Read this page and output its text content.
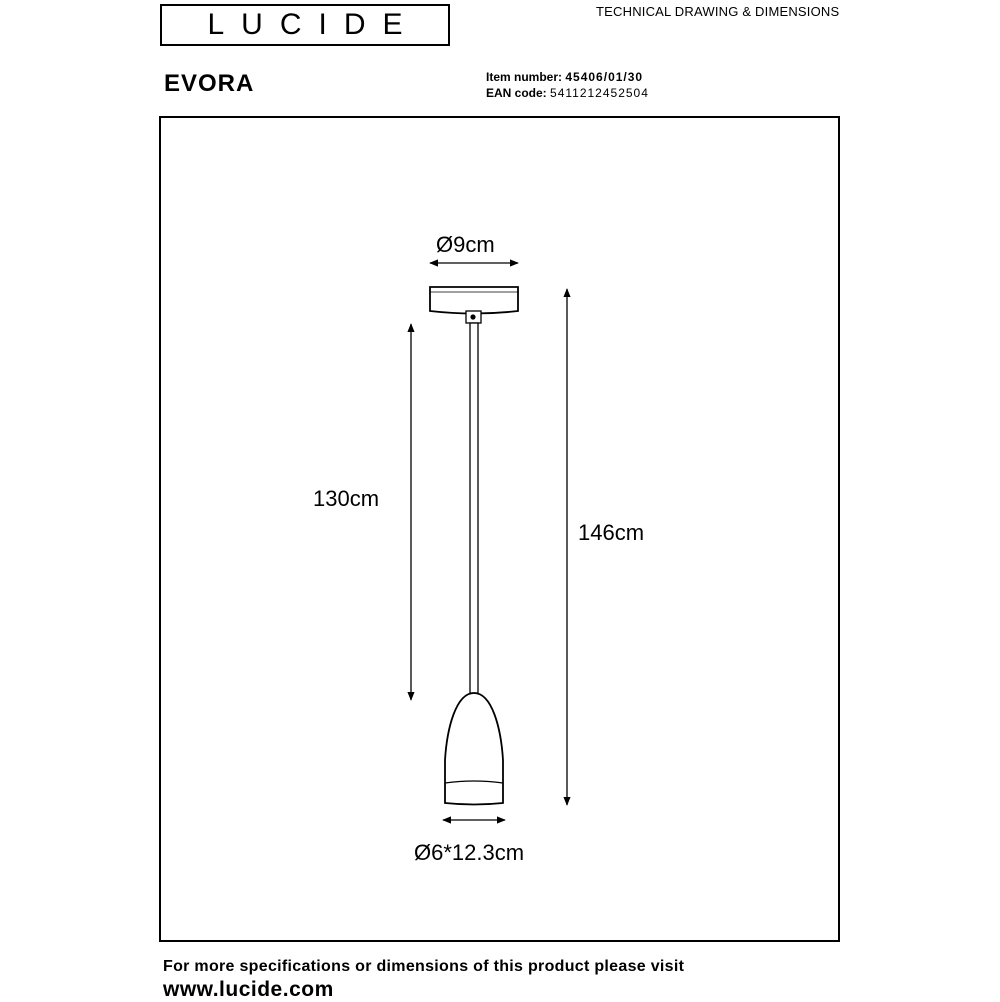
LUCIDE	TECHNICAL DRAWING & DIMENSIONS
EVORA	Item number: 45406/01/30
EAN code: 5411212452504
Ø9cm
130cm
146cm
Ø6*12.3cm
For more specifications or dimensions of this product please visit
www.lucide.com
